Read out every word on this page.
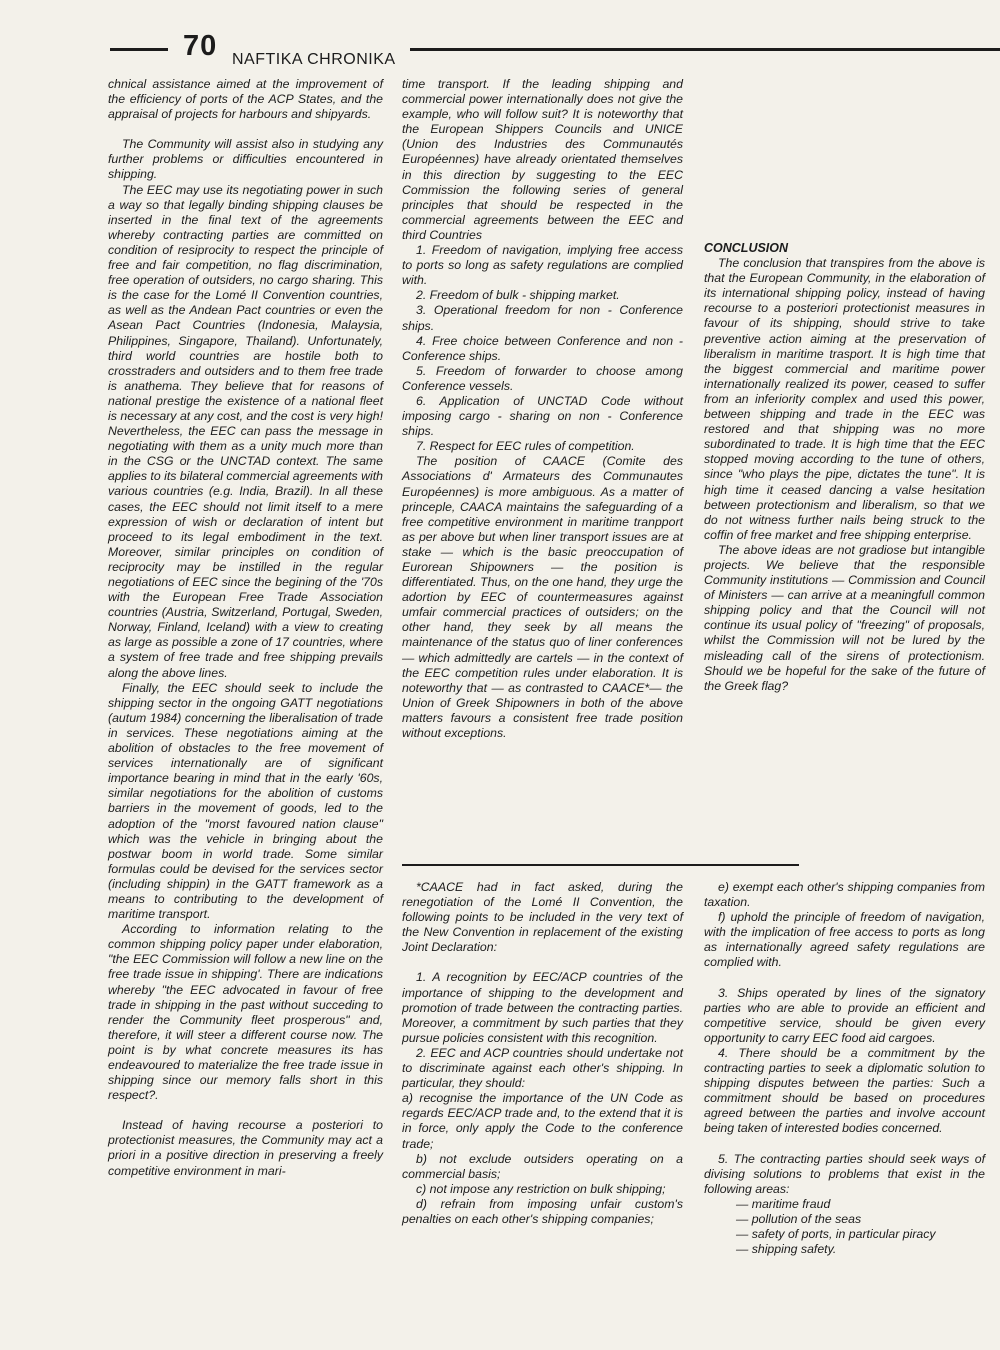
70 NAFTIKA CHRONIKA

chnical assistance aimed at the improvement of the efficiency of ports of the ACP States, and the appraisal of projects for harbours and shipyards.

The Community will assist also in studying any further problems or difficulties encountered in shipping.

The EEC may use its negotiating power in such a way so that legally binding shipping clauses be inserted in the final text of the agreements whereby contracting parties are committed on condition of resiprocity to respect the principle of free and fair competition, no flag discrimination, free operation of outsiders, no cargo sharing. This is the case for the Lomé II Convention countries, as well as the Andean Pact countries or even the Asean Pact Countries (Indonesia, Malaysia, Philippines, Singapore, Thailand). Unfortunately, third world countries are hostile both to crosstraders and outsiders and to them free trade is anathema. They believe that for reasons of national prestige the existence of a national fleet is necessary at any cost, and the cost is very high! Nevertheless, the EEC can pass the message in negotiating with them as a unity much more than in the CSG or the UNCTAD context. The same applies to its bilateral commercial agreements with various countries (e.g. India, Brazil). In all these cases, the EEC should not limit itself to a mere expression of wish or declaration of intent but proceed to its legal embodiment in the text. Moreover, similar principles on condition of reciprocity may be instilled in the regular negotiations of EEC since the begining of the '70s with the European Free Trade Association countries (Austria, Switzerland, Portugal, Sweden, Norway, Finland, Iceland) with a view to creating as large as possible a zone of 17 countries, where a system of free trade and free shipping prevails along the above lines.

Finally, the EEC should seek to include the shipping sector in the ongoing GATT negotiations (autum 1984) concerning the liberalisation of trade in services. These negotiations aiming at the abolition of obstacles to the free movement of services internationally are of significant importance bearing in mind that in the early '60s, similar negotiations for the abolition of customs barriers in the movement of goods, led to the adoption of the "morst favoured nation clause" which was the vehicle in bringing about the postwar boom in world trade. Some similar formulas could be devised for the services sector (including shippin) in the GATT framework as a means to contributing to the development of maritime transport.

According to information relating to the common shipping policy paper under elaboration, "the EEC Commission will follow a new line on the free trade issue in shipping'. There are indications whereby "the EEC advocated in favour of free trade in shipping in the past without succeding to render the Community fleet prosperous" and, therefore, it will steer a different course now. The point is by what concrete measures its has endeavoured to materialize the free trade issue in shipping since our memory falls short in this respect?.

Instead of having recourse a posteriori to protectionist measures, the Community may act a priori in a positive direction in preserving a freely competitive environment in mari-

time transport. If the leading shipping and commercial power internationally does not give the example, who will follow suit? It is noteworthy that the European Shippers Councils and UNICE (Union des Industries des Communautés Européennes) have already orientated themselves in this direction by suggesting to the EEC Commission the following series of general principles that should be respected in the commercial agreements between the EEC and third Countries

1. Freedom of navigation, implying free access to ports so long as safety regulations are complied with.

2. Freedom of bulk - shipping market.

3. Operational freedom for non - Conference ships.

4. Free choice between Conference and non - Conference ships.

5. Freedom of forwarder to choose among Conference vessels.

6. Application of UNCTAD Code without imposing cargo - sharing on non - Conference ships.

7. Respect for EEC rules of competition.

The position of CAACE (Comite des Associations d' Armateurs des Communautes Européennes) is more ambiguous. As a matter of princeple, CAACA maintains the safeguarding of a free competitive environment in maritime tranpport as per above but when liner transport issues are at stake — which is the basic preoccupation of Eurorean Shipowners — the position is differentiated. Thus, on the one hand, they urge the adortion by EEC of countermeasures against umfair commercial practices of outsiders; on the other hand, they seek by all means the maintenance of the status quo of liner conferences — which admittedly are cartels — in the context of the EEC competition rules under elaboration. It is noteworthy that — as contrasted to CAACE*— the Union of Greek Shipowners in both of the above matters favours a consistent free trade position without exceptions.

CONCLUSION

The conclusion that transpires from the above is that the European Community, in the elaboration of its international shipping policy, instead of having recourse to a posteriori protectionist measures in favour of its shipping, should strive to take preventive action aiming at the preservation of liberalism in maritime trasport. It is high time that the biggest commercial and maritime power internationally realized its power, ceased to suffer from an inferiority complex and used this power, between shipping and trade in the EEC was restored and that shipping was no more subordinated to trade. It is high time that the EEC stopped moving according to the tune of others, since "who plays the pipe, dictates the tune". It is high time it ceased dancing a valse hesitation between protectionism and liberalism, so that we do not witness further nails being struck to the coffin of free market and free shipping enterprise.

The above ideas are not gradiose but intangible projects. We believe that the responsible Community institutions — Commission and Council of Ministers — can arrive at a meaningfull common shipping policy and that the Council will not continue its usual policy of "freezing" of proposals, whilst the Commission will not be lured by the misleading call of the sirens of protectionism. Should we be hopeful for the sake of the future of the Greek flag?

*CAACE had in fact asked, during the renegotiation of the Lomé II Convention, the following points to be included in the very text of the New Convention in replacement of the existing Joint Declaration:

1. A recognition by EEC/ACP countries of the importance of shipping to the development and promotion of trade between the contracting parties. Moreover, a commitment by such parties that they pursue policies consistent with this recognition.

2. EEC and ACP countries should undertake not to discriminate against each other's shipping. In particular, they should:

a) recognise the importance of the UN Code as regards EEC/ACP trade and, to the extend that it is in force, only apply the Code to the conference trade;

b) not exclude outsiders operating on a commercial basis;

c) not impose any restriction on bulk shipping;

d) refrain from imposing unfair custom's penalties on each other's shipping companies;

e) exempt each other's shipping companies from taxation.

f) uphold the principle of freedom of navigation, with the implication of free access to ports as long as internationally agreed safety regulations are complied with.

3. Ships operated by lines of the signatory parties who are able to provide an efficient and competitive service, should be given every opportunity to carry EEC food aid cargoes.

4. There should be a commitment by the contracting parties to seek a diplomatic solution to shipping disputes between the parties: Such a commitment should be based on procedures agreed between the parties and involve account being taken of interested bodies concerned.

5. The contracting parties should seek ways of divising solutions to problems that exist in the following areas:

— maritime fraud

— pollution of the seas

— safety of ports, in particular piracy

— shipping safety.
